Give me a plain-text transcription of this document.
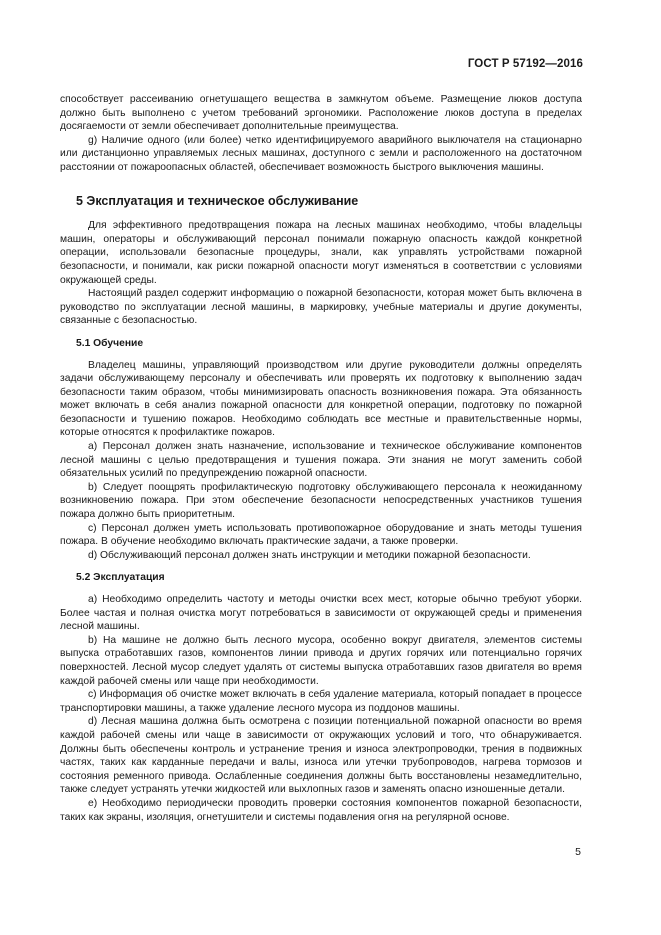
ГОСТ Р 57192—2016

способствует рассеиванию огнетушащего вещества в замкнутом объеме. Размещение люков доступа должно быть выполнено с учетом требований эргономики. Расположение люков доступа в пределах досягаемости от земли обеспечивает дополнительные преимущества.

g) Наличие одного (или более) четко идентифицируемого аварийного выключателя на стационарно или дистанционно управляемых лесных машинах, доступного с земли и расположенного на достаточном расстоянии от пожароопасных областей, обеспечивает возможность быстрого выключения машины.

5 Эксплуатация и техническое обслуживание

Для эффективного предотвращения пожара на лесных машинах необходимо, чтобы владельцы машин, операторы и обслуживающий персонал понимали пожарную опасность каждой конкретной операции, использовали безопасные процедуры, знали, как управлять устройствами пожарной безопасности, и понимали, как риски пожарной опасности могут изменяться в соответствии с условиями окружающей среды.

Настоящий раздел содержит информацию о пожарной безопасности, которая может быть включена в руководство по эксплуатации лесной машины, в маркировку, учебные материалы и другие документы, связанные с безопасностью.

5.1 Обучение

Владелец машины, управляющий производством или другие руководители должны определять задачи обслуживающему персоналу и обеспечивать или проверять их подготовку к выполнению задач безопасности таким образом, чтобы минимизировать опасность возникновения пожара. Эта обязанность может включать в себя анализ пожарной опасности для конкретной операции, подготовку по пожарной безопасности и тушению пожаров. Необходимо соблюдать все местные и правительственные нормы, которые относятся к профилактике пожаров.

a) Персонал должен знать назначение, использование и техническое обслуживание компонентов лесной машины с целью предотвращения и тушения пожара. Эти знания не могут заменить собой обязательных усилий по предупреждению пожарной опасности.

b) Следует поощрять профилактическую подготовку обслуживающего персонала к неожиданному возникновению пожара. При этом обеспечение безопасности непосредственных участников тушения пожара должно быть приоритетным.

c) Персонал должен уметь использовать противопожарное оборудование и знать методы тушения пожара. В обучение необходимо включать практические задачи, а также проверки.

d) Обслуживающий персонал должен знать инструкции и методики пожарной безопасности.

5.2 Эксплуатация

a) Необходимо определить частоту и методы очистки всех мест, которые обычно требуют уборки. Более частая и полная очистка могут потребоваться в зависимости от окружающей среды и применения лесной машины.

b) На машине не должно быть лесного мусора, особенно вокруг двигателя, элементов системы выпуска отработавших газов, компонентов линии привода и других горячих или потенциально горячих поверхностей. Лесной мусор следует удалять от системы выпуска отработавших газов двигателя во время каждой рабочей смены или чаще при необходимости.

c) Информация об очистке может включать в себя удаление материала, который попадает в процессе транспортировки машины, а также удаление лесного мусора из поддонов машины.

d) Лесная машина должна быть осмотрена с позиции потенциальной пожарной опасности во время каждой рабочей смены или чаще в зависимости от окружающих условий и того, что обнаруживается. Должны быть обеспечены контроль и устранение трения и износа электропроводки, трения в подвижных частях, таких как карданные передачи и валы, износа или утечки трубопроводов, нагрева тормозов и состояния ременного привода. Ослабленные соединения должны быть восстановлены незамедлительно, также следует устранять утечки жидкостей или выхлопных газов и заменять опасно изношенные детали.

e) Необходимо периодически проводить проверки состояния компонентов пожарной безопасности, таких как экраны, изоляция, огнетушители и системы подавления огня на регулярной основе.

5
